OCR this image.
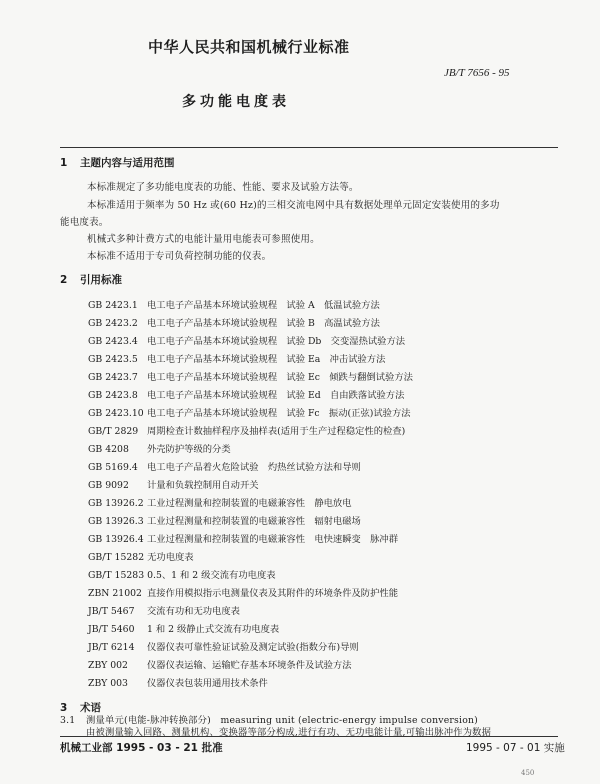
中华人民共和国机械行业标准
JB/T 7656 - 95
多功能电度表
1 主题内容与适用范围
本标准规定了多功能电度表的功能、性能、要求及试验方法等。
本标准适用于频率为 50 Hz 或(60 Hz)的三相交流电网中具有数据处理单元固定安装使用的多功
能电度表。
机械式多种计费方式的电能计量用电能表可参照使用。
本标准不适用于专司负荷控制功能的仪表。
2 引用标准
GB 2423.1 电工电子产品基本环境试验规程　试验 A　低温试验方法
GB 2423.2 电工电子产品基本环境试验规程　试验 B　高温试验方法
GB 2423.4 电工电子产品基本环境试验规程　试验 Db　交变湿热试验方法
GB 2423.5 电工电子产品基本环境试验规程　试验 Ea　冲击试验方法
GB 2423.7 电工电子产品基本环境试验规程　试验 Ec　倾跌与翻倒试验方法
GB 2423.8 电工电子产品基本环境试验规程　试验 Ed　自由跌落试验方法
GB 2423.10 电工电子产品基本环境试验规程　试验 Fc　振动(正弦)试验方法
GB/T 2829 周期检查计数抽样程序及抽样表(适用于生产过程稳定性的检查)
GB 4208 外壳防护等级的分类
GB 5169.4 电工电子产品着火危险试验　灼热丝试验方法和导则
GB 9092 计量和负载控制用自动开关
GB 13926.2 工业过程测量和控制装置的电磁兼容性　静电放电
GB 13926.3 工业过程测量和控制装置的电磁兼容性　辐射电磁场
GB 13926.4 工业过程测量和控制装置的电磁兼容性　电快速瞬变　脉冲群
GB/T 15282 无功电度表
GB/T 15283 0.5、1 和 2 级交流有功电度表
ZBN 21002 直接作用模拟指示电测量仪表及其附件的环境条件及防护性能
JB/T 5467 交流有功和无功电度表
JB/T 5460 1 和 2 级静止式交流有功电度表
JB/T 6214 仪器仪表可靠性验证试验及测定试验(指数分布)导则
ZBY 002 仪器仪表运输、运输贮存基本环境条件及试验方法
ZBY 003 仪器仪表包装用通用技术条件
3 术语
3.1 测量单元(电能-脉冲转换部分)　measuring unit (electric-energy impulse conversion)
由被测量输入回路、测量机构、变换器等部分构成,进行有功、无功电能计量,可输出脉冲作为数据
机械工业部 1995 - 03 - 21 批准	1995 - 07 - 01 实施
450
